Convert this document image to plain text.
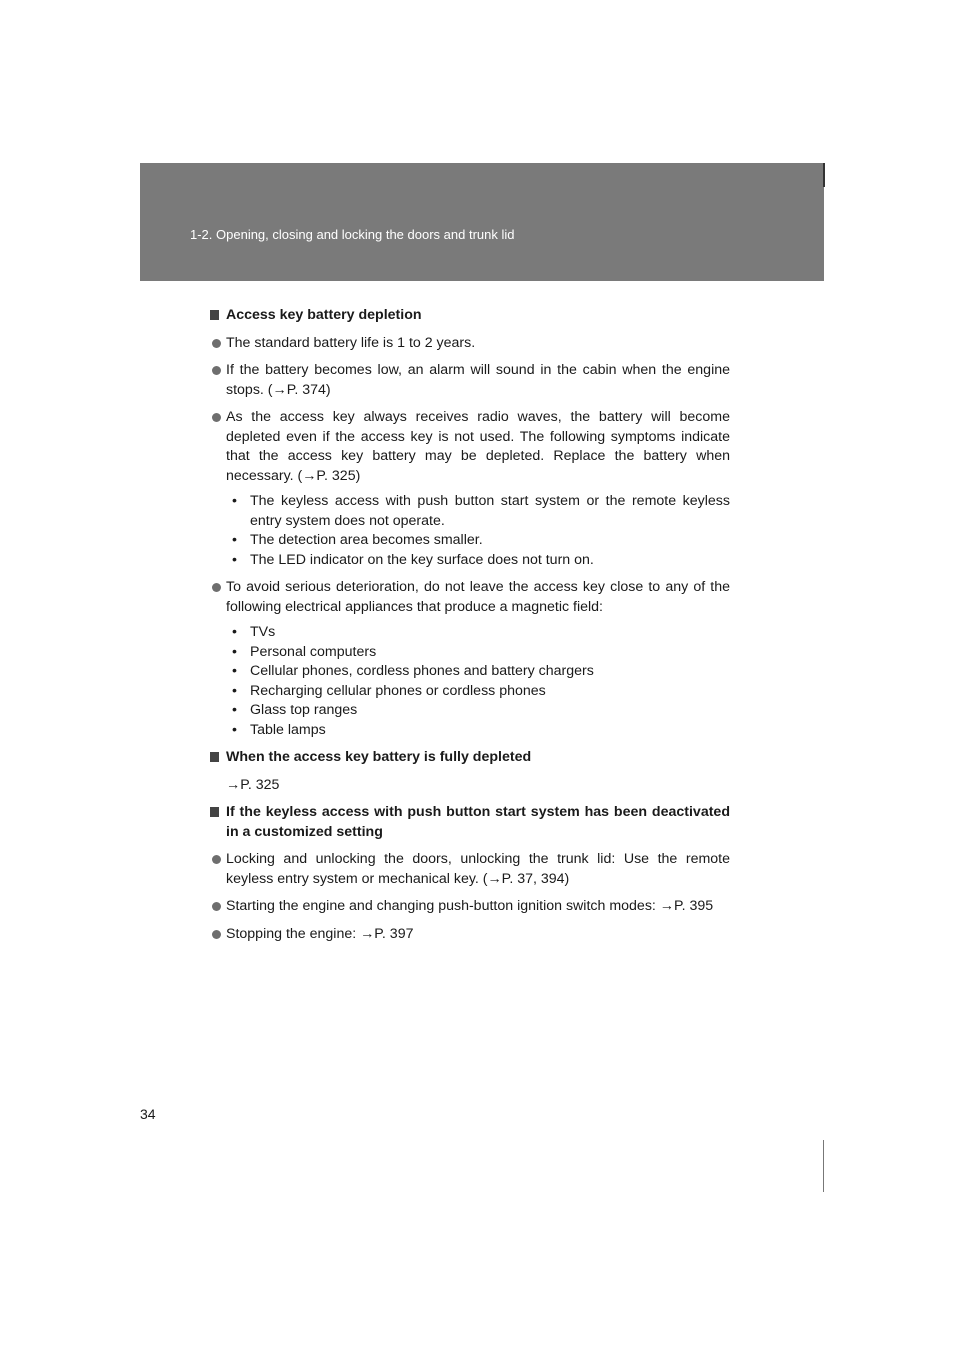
1-2. Opening, closing and locking the doors and trunk lid
Access key battery depletion
The standard battery life is 1 to 2 years.
If the battery becomes low, an alarm will sound in the cabin when the engine stops. (→P. 374)
As the access key always receives radio waves, the battery will become depleted even if the access key is not used. The following symptoms indicate that the access key battery may be depleted. Replace the battery when necessary. (→P. 325)
• The keyless access with push button start system or the remote keyless entry system does not operate.
• The detection area becomes smaller.
• The LED indicator on the key surface does not turn on.
To avoid serious deterioration, do not leave the access key close to any of the following electrical appliances that produce a magnetic field:
• TVs
• Personal computers
• Cellular phones, cordless phones and battery chargers
• Recharging cellular phones or cordless phones
• Glass top ranges
• Table lamps
When the access key battery is fully depleted
→P. 325
If the keyless access with push button start system has been deactivated in a customized setting
Locking and unlocking the doors, unlocking the trunk lid: Use the remote keyless entry system or mechanical key. (→P. 37, 394)
Starting the engine and changing push-button ignition switch modes: →P. 395
Stopping the engine: →P. 397
34
